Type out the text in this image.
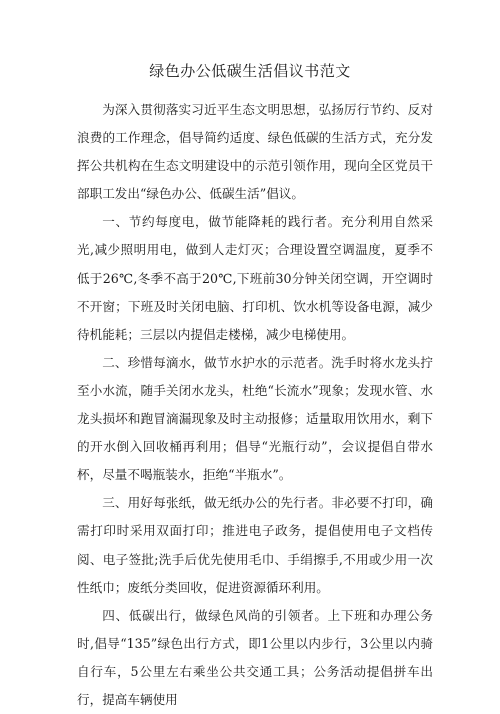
绿色办公低碳生活倡议书范文

为深入贯彻落实习近平生态文明思想，弘扬厉行节约、反对浪费的工作理念，倡导简约适度、绿色低碳的生活方式，充分发挥公共机构在生态文明建设中的示范引领作用，现向全区党员干部职工发出“绿色办公、低碳生活”倡议。

一、节约每度电，做节能降耗的践行者。充分利用自然采光,减少照明用电，做到人走灯灭；合理设置空调温度，夏季不低于26℃,冬季不高于20℃,下班前30分钟关闭空调，开空调时不开窗；下班及时关闭电脑、打印机、饮水机等设备电源，减少待机能耗；三层以内提倡走楼梯，减少电梯使用。

二、珍惜每滴水，做节水护水的示范者。洗手时将水龙头拧至小水流，随手关闭水龙头，杜绝“长流水”现象；发现水管、水龙头损坏和跑冒滴漏现象及时主动报修；适量取用饮用水，剩下的开水倒入回收桶再利用；倡导“光瓶行动”，会议提倡自带水杯，尽量不喝瓶装水，拒绝“半瓶水”。

三、用好每张纸，做无纸办公的先行者。非必要不打印，确需打印时采用双面打印；推进电子政务，提倡使用电子文档传阅、电子签批;洗手后优先使用毛巾、手绢擦手,不用或少用一次性纸巾；废纸分类回收，促进资源循环利用。

四、低碳出行，做绿色风尚的引领者。上下班和办理公务时,倡导“135”绿色出行方式，即1公里以内步行，3公里以内骑自行车，5公里左右乘坐公共交通工具；公务活动提倡拼车出行，提高车辆使用
